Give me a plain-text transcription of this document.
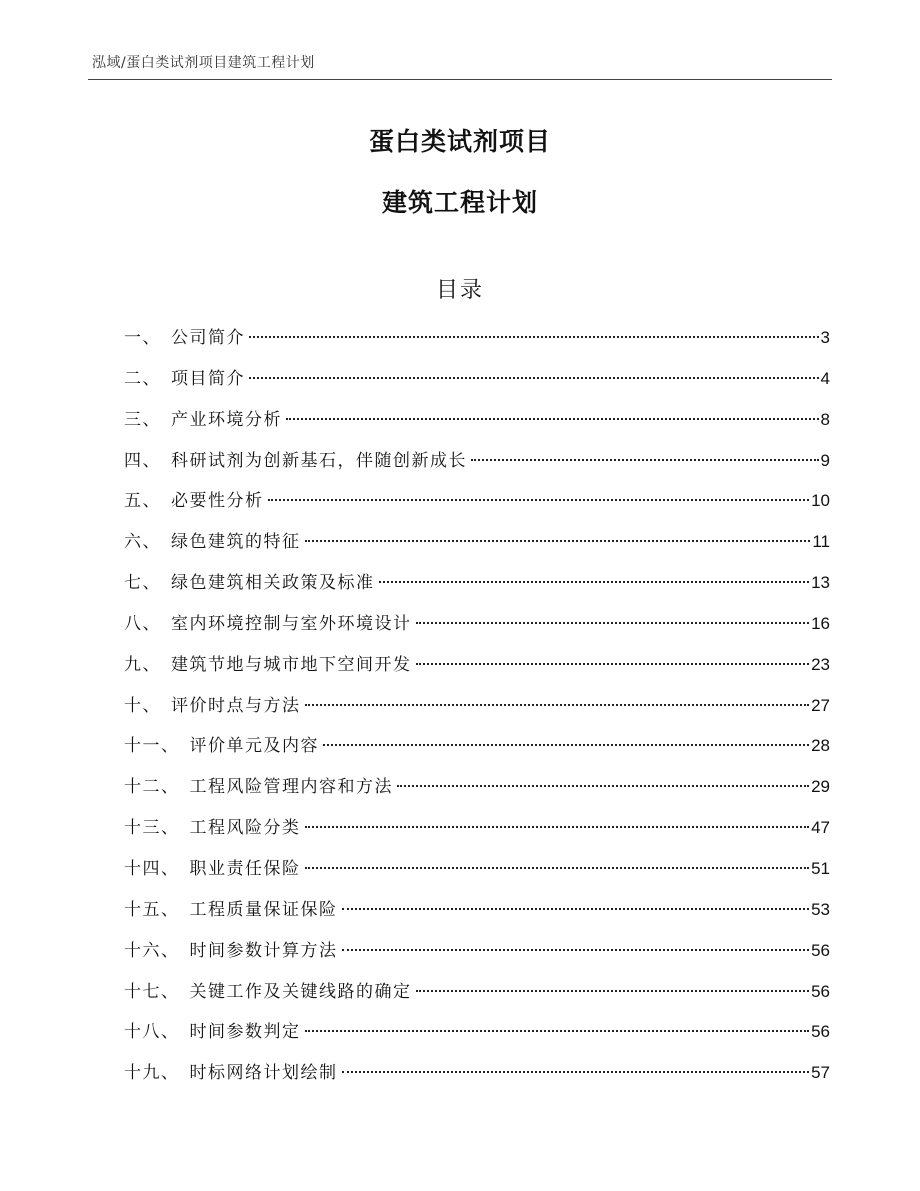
泓域/蛋白类试剂项目建筑工程计划
蛋白类试剂项目
建筑工程计划
目录
一、 公司简介	3
二、 项目简介	4
三、 产业环境分析	8
四、 科研试剂为创新基石，伴随创新成长	9
五、 必要性分析	10
六、 绿色建筑的特征	11
七、 绿色建筑相关政策及标准	13
八、 室内环境控制与室外环境设计	16
九、 建筑节地与城市地下空间开发	23
十、 评价时点与方法	27
十一、 评价单元及内容	28
十二、 工程风险管理内容和方法	29
十三、 工程风险分类	47
十四、 职业责任保险	51
十五、 工程质量保证保险	53
十六、 时间参数计算方法	56
十七、 关键工作及关键线路的确定	56
十八、 时间参数判定	56
十九、 时标网络计划绘制	57
